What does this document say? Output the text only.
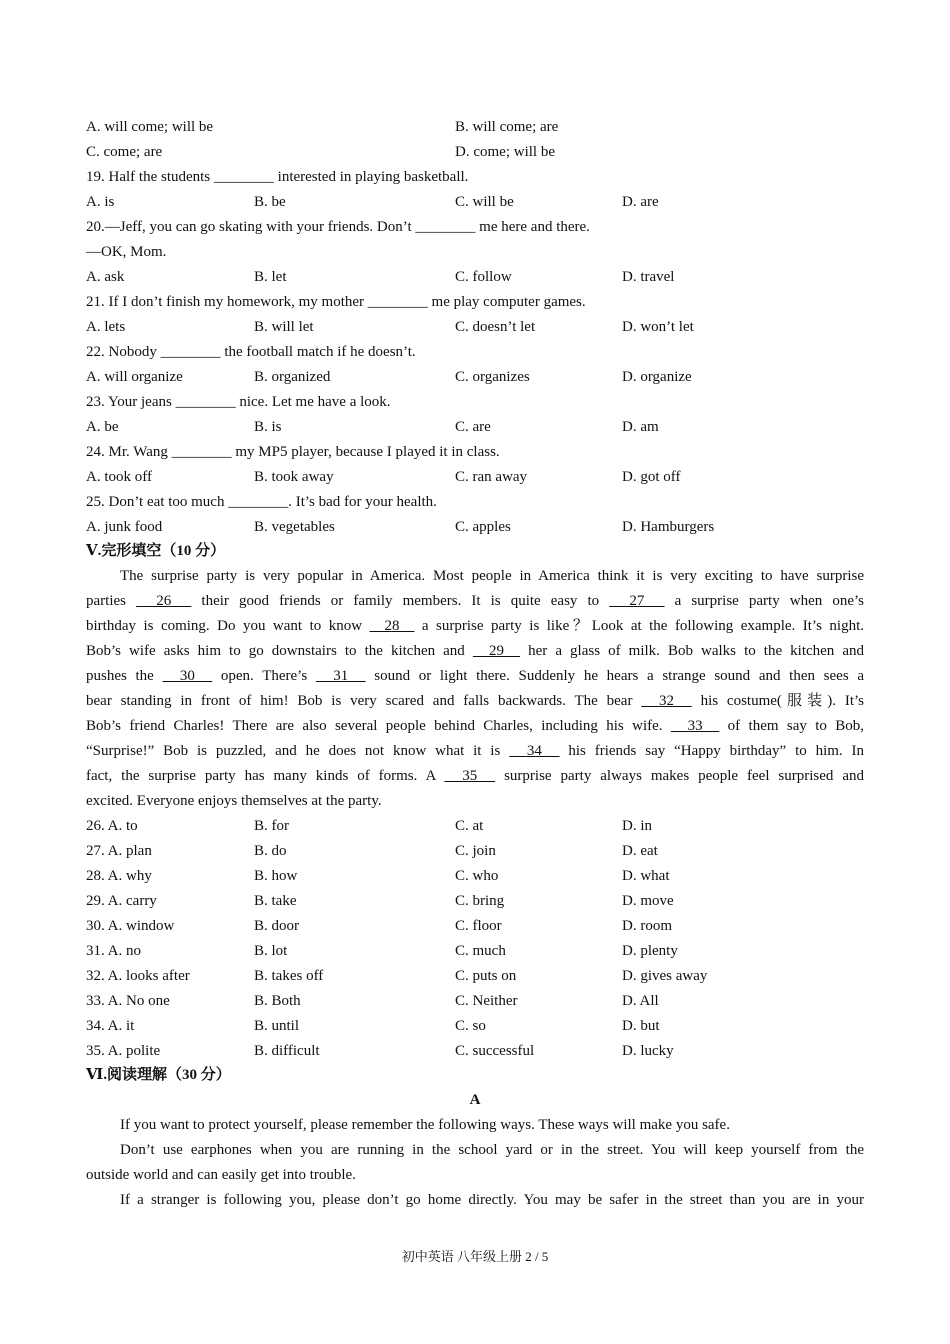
A. will come; will be	B. will come; are
C. come; are	D. come; will be
19. Half the students ________ interested in playing basketball.
A. is	B. be	C. will be	D. are
20.—Jeff, you can go skating with your friends. Don’t ________ me here and there.
—OK, Mom.
A. ask	B. let	C. follow	D. travel
21. If I don’t finish my homework, my mother ________ me play computer games.
A. lets	B. will let	C. doesn’t let	D. won’t let
22. Nobody ________ the football match if he doesn’t.
A. will organize	B. organized	C. organizes	D. organize
23. Your jeans ________ nice. Let me have a look.
A. be	B. is	C. are	D. am
24. Mr. Wang ________ my MP5 player, because I played it in class.
A. took off	B. took away	C. ran away	D. got off
25. Don’t eat too much ________. It’s bad for your health.
A. junk food	B. vegetables	C. apples	D. Hamburgers
Ⅴ.完形填空（10 分）
The surprise party is very popular in America. Most people in America think it is very exciting to have surprise
parties   26   their good friends or family members. It is quite easy to   27   a surprise party when one’s
birthday is coming. Do you want to know   28   a surprise party is like？Look at the following example. It’s night.
Bob’s wife asks him to go downstairs to the kitchen and   29   her a glass of milk. Bob walks to the kitchen and
pushes the   30   open. There’s   31   sound or light there. Suddenly he hears a strange sound and then sees a
bear standing in front of him! Bob is very scared and falls backwards. The bear   32   his costume(服装). It’s
Bob’s friend Charles! There are also several people behind Charles, including his wife.   33   of them say to Bob,
“Surprise!” Bob is puzzled, and he does not know what it is   34   his friends say “Happy birthday” to him. In
fact, the surprise party has many kinds of forms. A   35   surprise party always makes people feel surprised and
excited. Everyone enjoys themselves at the party.
26. A. to	B. for	C. at	D. in
27. A. plan	B. do	C. join	D. eat
28. A. why	B. how	C. who	D. what
29. A. carry	B. take	C. bring	D. move
30. A. window	B. door	C. floor	D. room
31. A. no	B. lot	C. much	D. plenty
32. A. looks after	B. takes off	C. puts on	D. gives away
33. A. No one	B. Both	C. Neither	D. All
34. A. it	B. until	C. so	D. but
35. A. polite	B. difficult	C. successful	D. lucky
Ⅵ.阅读理解（30 分）
A
If you want to protect yourself, please remember the following ways. These ways will make you safe.
Don’t use earphones when you are running in the school yard or in the street. You will keep yourself from the
outside world and can easily get into trouble.
If a stranger is following you, please don’t go home directly. You may be safer in the street than you are in your
初中英语 八年级上册 2 / 5
